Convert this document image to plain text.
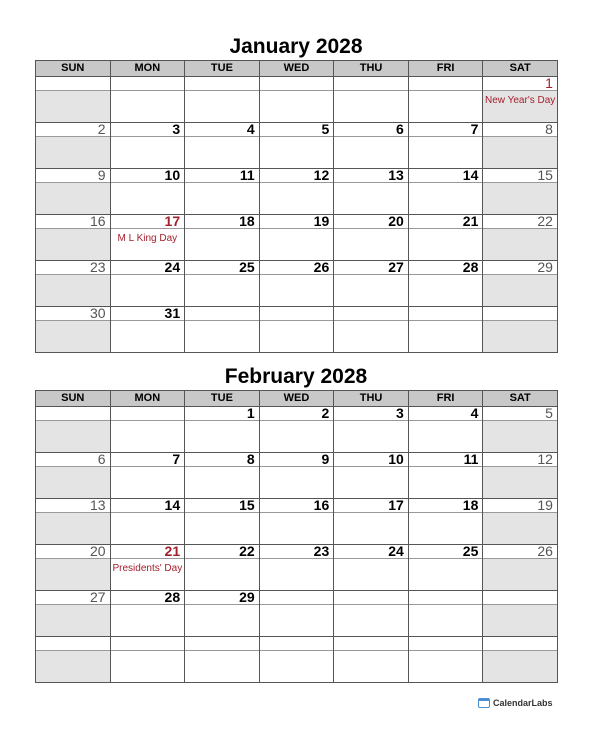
January 2028
SUN	MON	TUE	WED	THU	FRI	SAT

						1

						New Year's Day

2	3	4	5	6	7	8

9	10	11	12	13	14	15

16	17	18	19	20	21	22

	M L King Day					

23	24	25	26	27	28	29

30	31					

February 2028
SUN	MON	TUE	WED	THU	FRI	SAT

		1	2	3	4	5

6	7	8	9	10	11	12

13	14	15	16	17	18	19

20	21	22	23	24	25	26

	Presidents' Day					

27	28	29				

CalendarLabs
